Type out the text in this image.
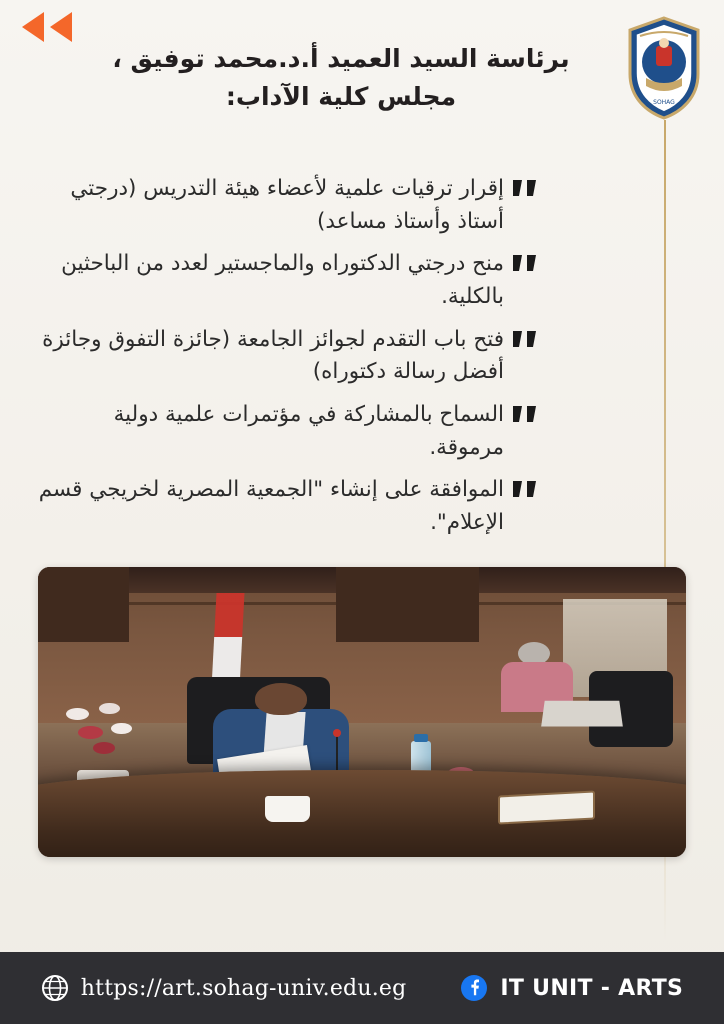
SOHAG
برئاسة السيد العميد أ.د.محمد توفيق ، مجلس كلية الآداب:
إقرار ترقيات علمية لأعضاء هيئة التدريس (درجتي أستاذ وأستاذ مساعد)
منح درجتي الدكتوراه والماجستير لعدد من الباحثين بالكلية.
فتح باب التقدم لجوائز الجامعة (جائزة التفوق وجائزة أفضل رسالة دكتوراه)
السماح بالمشاركة في مؤتمرات علمية دولية مرموقة.
الموافقة على إنشاء "الجمعية المصرية لخريجي قسم الإعلام".
https://art.sohag-univ.edu.eg	IT UNIT - ARTS
